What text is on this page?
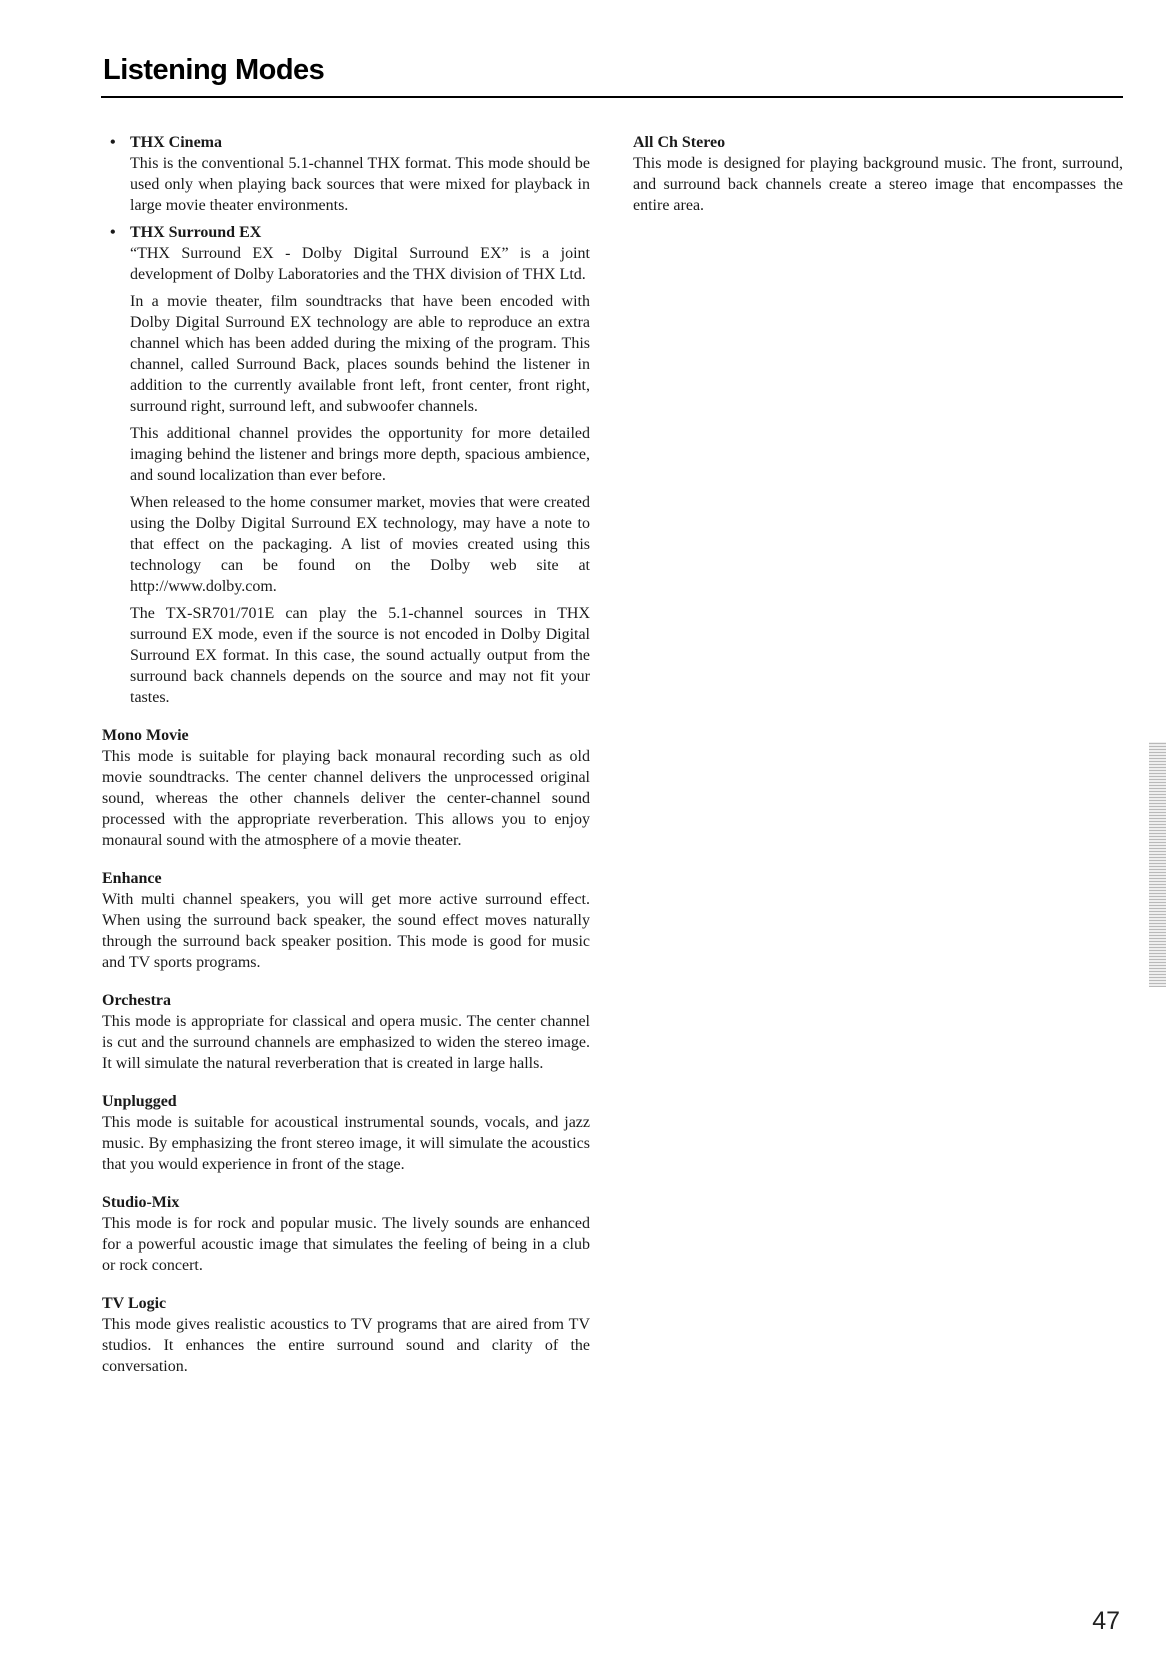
Listening Modes
• THX Cinema

This is the conventional 5.1-channel THX format. This mode should be used only when playing back sources that were mixed for playback in large movie theater environments.

• THX Surround EX

“THX Surround EX - Dolby Digital Surround EX” is a joint development of Dolby Laboratories and the THX division of THX Ltd.

In a movie theater, film soundtracks that have been encoded with Dolby Digital Surround EX technology are able to reproduce an extra channel which has been added during the mixing of the program. This channel, called Surround Back, places sounds behind the listener in addition to the currently available front left, front center, front right, surround right, surround left, and subwoofer channels.

This additional channel provides the opportunity for more detailed imaging behind the listener and brings more depth, spacious ambience, and sound localization than ever before.

When released to the home consumer market, movies that were created using the Dolby Digital Surround EX technology, may have a note to that effect on the packaging. A list of movies created using this technology can be found on the Dolby web site at http://www.dolby.com.

The TX-SR701/701E can play the 5.1-channel sources in THX surround EX mode, even if the source is not encoded in Dolby Digital Surround EX format. In this case, the sound actually output from the surround back channels depends on the source and may not fit your tastes.

Mono Movie

This mode is suitable for playing back monaural recording such as old movie soundtracks. The center channel delivers the unprocessed original sound, whereas the other channels deliver the center-channel sound processed with the appropriate reverberation. This allows you to enjoy monaural sound with the atmosphere of a movie theater.

Enhance

With multi channel speakers, you will get more active surround effect. When using the surround back speaker, the sound effect moves naturally through the surround back speaker position. This mode is good for music and TV sports programs.

Orchestra

This mode is appropriate for classical and opera music. The center channel is cut and the surround channels are emphasized to widen the stereo image. It will simulate the natural reverberation that is created in large halls.

Unplugged

This mode is suitable for acoustical instrumental sounds, vocals, and jazz music. By emphasizing the front stereo image, it will simulate the acoustics that you would experience in front of the stage.

Studio-Mix

This mode is for rock and popular music. The lively sounds are enhanced for a powerful acoustic image that simulates the feeling of being in a club or rock concert.

TV Logic

This mode gives realistic acoustics to TV programs that are aired from TV studios. It enhances the entire surround sound and clarity of the conversation.

All Ch Stereo

This mode is designed for playing background music. The front, surround, and surround back channels create a stereo image that encompasses the entire area.

47
